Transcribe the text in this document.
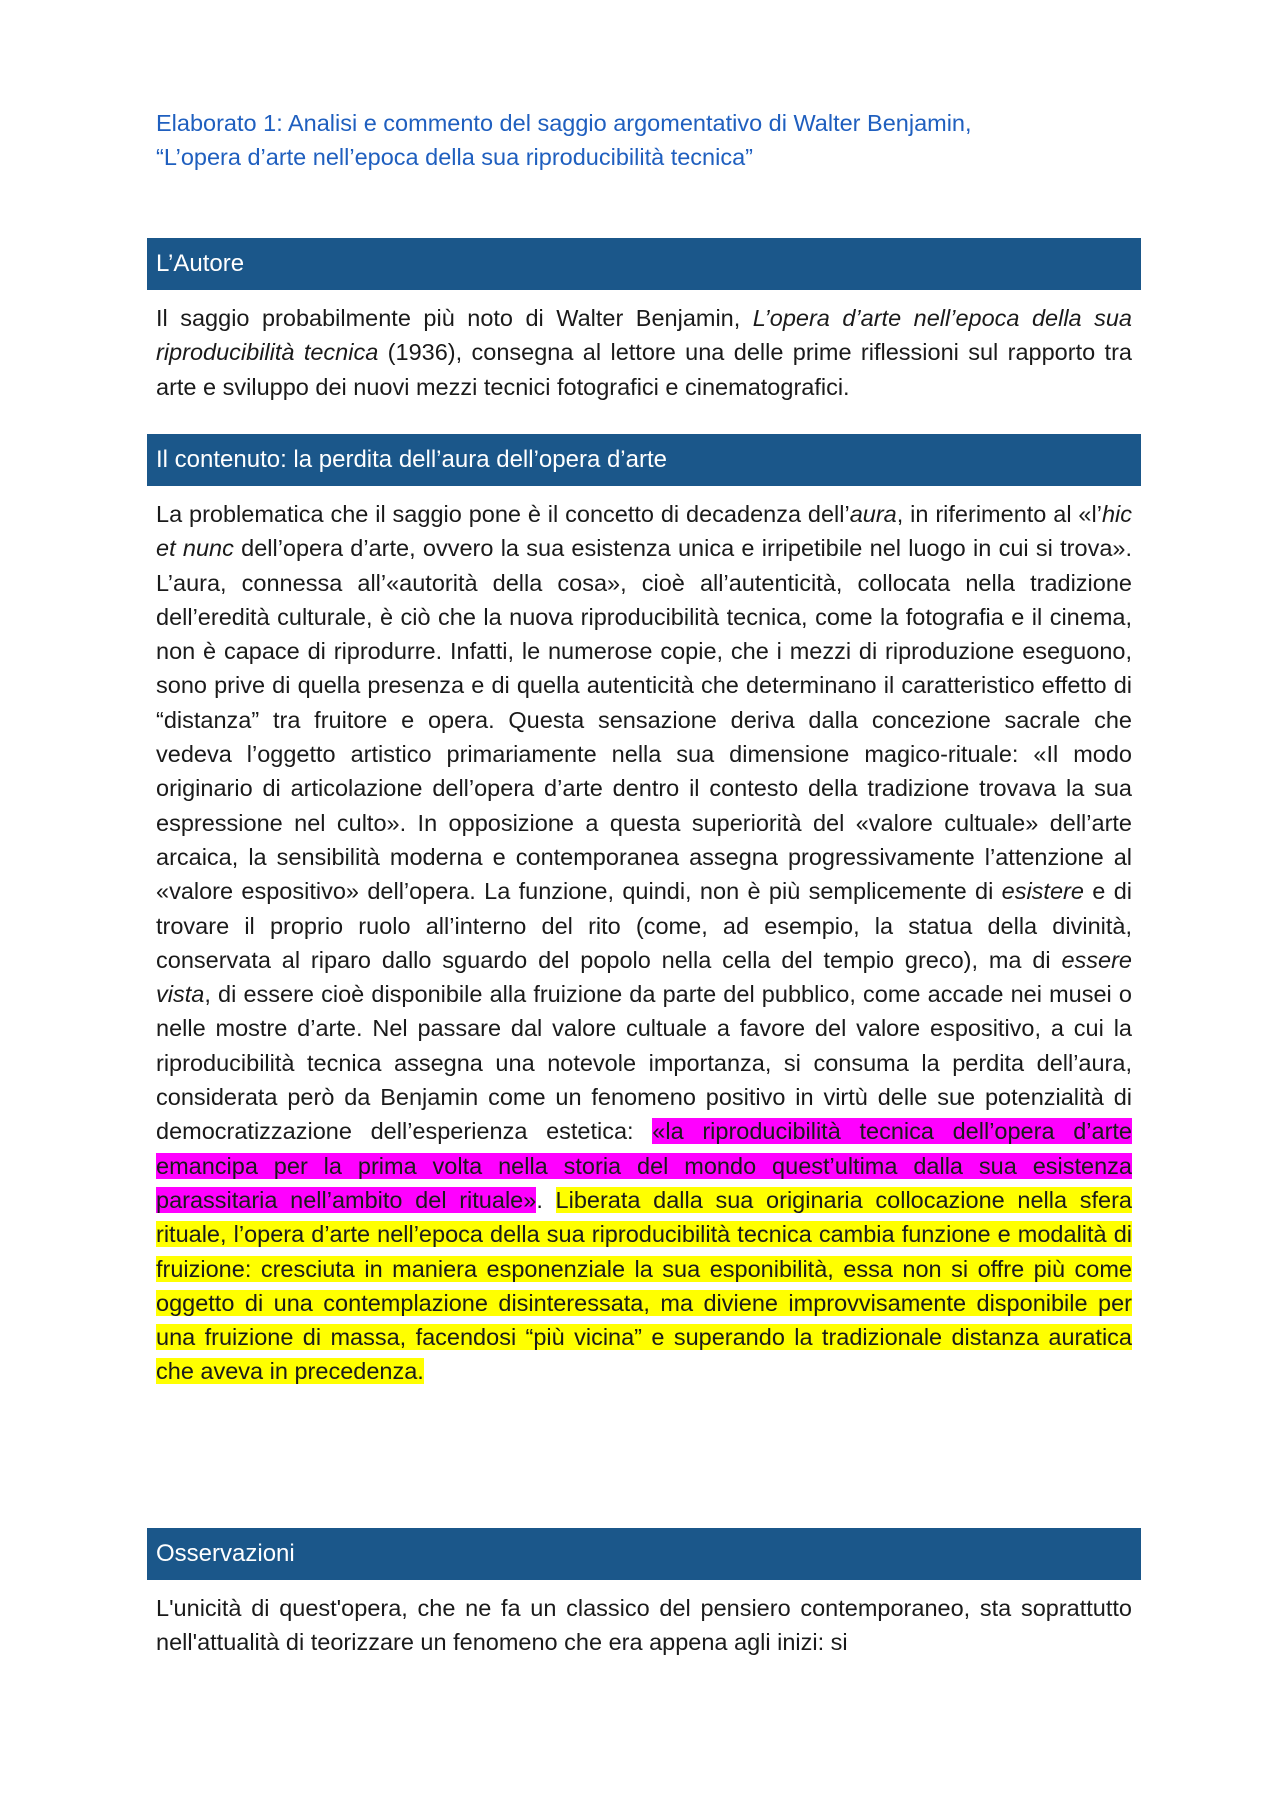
Elaborato 1: Analisi e commento del saggio argomentativo di Walter Benjamin,
“L’opera d’arte nell’epoca della sua riproducibilità tecnica”
L’Autore
Il saggio probabilmente più noto di Walter Benjamin, L’opera d’arte nell’epoca della sua riproducibilità tecnica (1936), consegna al lettore una delle prime riflessioni sul rapporto tra arte e sviluppo dei nuovi mezzi tecnici fotografici e cinematografici.
Il contenuto: la perdita dell’aura dell’opera d’arte
La problematica che il saggio pone è il concetto di decadenza dell’aura, in riferimento al «l’hic et nunc dell’opera d’arte, ovvero la sua esistenza unica e irripetibile nel luogo in cui si trova». L’aura, connessa all’«autorità della cosa», cioè all’autenticità, collocata nella tradizione dell’eredità culturale, è ciò che la nuova riproducibilità tecnica, come la fotografia e il cinema, non è capace di riprodurre. Infatti, le numerose copie, che i mezzi di riproduzione eseguono, sono prive di quella presenza e di quella autenticità che determinano il caratteristico effetto di “distanza” tra fruitore e opera. Questa sensazione deriva dalla concezione sacrale che vedeva l’oggetto artistico primariamente nella sua dimensione magico-rituale: «Il modo originario di articolazione dell’opera d’arte dentro il contesto della tradizione trovava la sua espressione nel culto». In opposizione a questa superiorità del «valore cultuale» dell’arte arcaica, la sensibilità moderna e contemporanea assegna progressivamente l’attenzione al «valore espositivo» dell’opera. La funzione, quindi, non è più semplicemente di esistere e di trovare il proprio ruolo all’interno del rito (come, ad esempio, la statua della divinità, conservata al riparo dallo sguardo del popolo nella cella del tempio greco), ma di essere vista, di essere cioè disponibile alla fruizione da parte del pubblico, come accade nei musei o nelle mostre d’arte. Nel passare dal valore cultuale a favore del valore espositivo, a cui la riproducibilità tecnica assegna una notevole importanza, si consuma la perdita dell’aura, considerata però da Benjamin come un fenomeno positivo in virtù delle sue potenzialità di democratizzazione dell’esperienza estetica: «la riproducibilità tecnica dell’opera d’arte emancipa per la prima volta nella storia del mondo quest’ultima dalla sua esistenza parassitaria nell’ambito del rituale». Liberata dalla sua originaria collocazione nella sfera rituale, l’opera d’arte nell’epoca della sua riproducibilità tecnica cambia funzione e modalità di fruizione: cresciuta in maniera esponenziale la sua esponibilità, essa non si offre più come oggetto di una contemplazione disinteressata, ma diviene improvvisamente disponibile per una fruizione di massa, facendosi “più vicina” e superando la tradizionale distanza auratica che aveva in precedenza.
Osservazioni
L'unicità di quest'opera, che ne fa un classico del pensiero contemporaneo, sta soprattutto nell'attualità di teorizzare un fenomeno che era appena agli inizi: si
